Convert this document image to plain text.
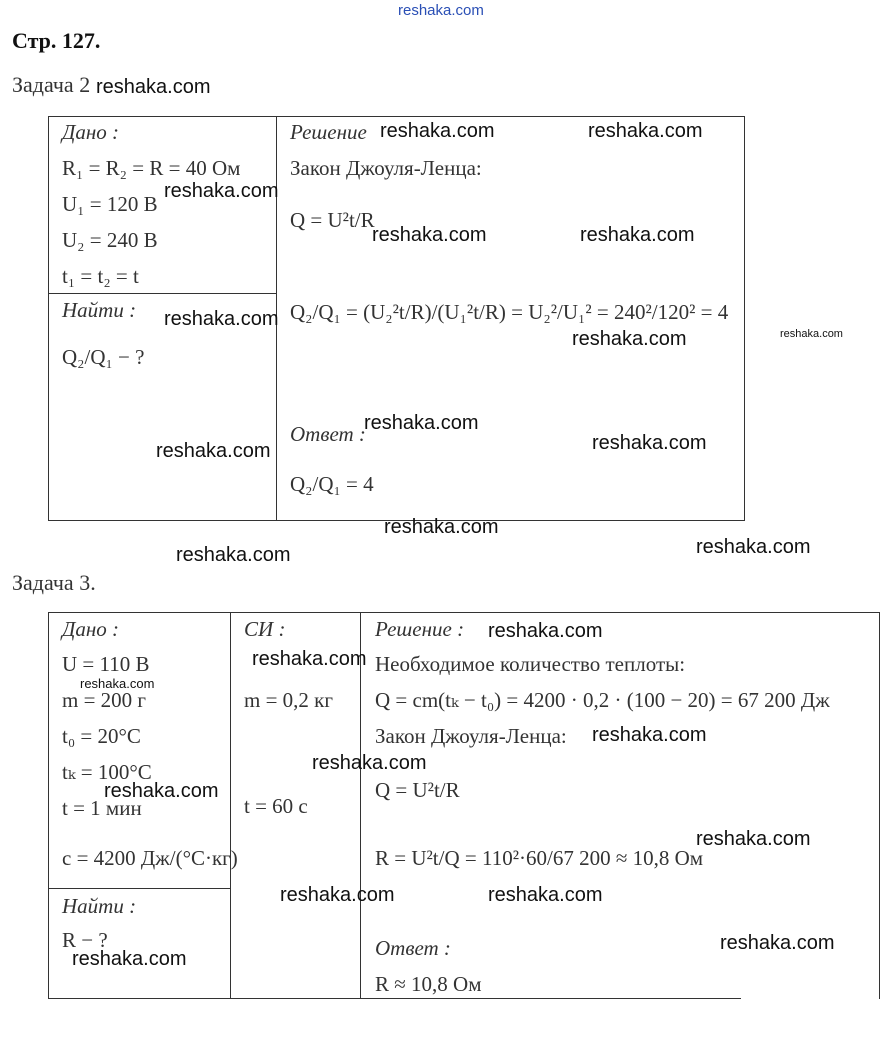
reshaka.com
Стр. 127.
Задача 2
Дано :
R₁ = R₂ = R = 40 Ом
U₁ = 120 В
U₂ = 240 В
t₁ = t₂ = t
Найти :
Q₂/Q₁ − ?
Решение
Закон Джоуля-Ленца:
Q = U²t/R
Q₂/Q₁ = (U₂²t/R)/(U₁²t/R) = U₂²/U₁² = 240²/120² = 4
Ответ :
Q₂/Q₁ = 4
Задача 3.
Дано :
U = 110 В
m = 200 г
t₀ = 20°C
tₖ = 100°C
t = 1 мин
c = 4200 Дж/(°C·кг)
СИ :
m = 0,2 кг
t = 60 с
Найти :
R − ?
Решение :
Необходимое количество теплоты:
Q = cm(tₖ − t₀) = 4200 · 0,2 · (100 − 20) = 67 200 Дж
Закон Джоуля-Ленца:
Q = U²t/R
R = U²t/Q = 110²·60/67 200 ≈ 10,8 Ом
Ответ :
R ≈ 10,8 Ом
reshaka.com
reshaka.com	reshaka.com
reshaka.com
reshaka.com	reshaka.com
reshaka.com
reshaka.com	reshaka.com
reshaka.com
reshaka.com
reshaka.com
reshaka.com
reshaka.com	reshaka.com
reshaka.com
reshaka.com
reshaka.com
reshaka.com
reshaka.com
reshaka.com
reshaka.com
reshaka.com	reshaka.com
reshaka.com
reshaka.com
